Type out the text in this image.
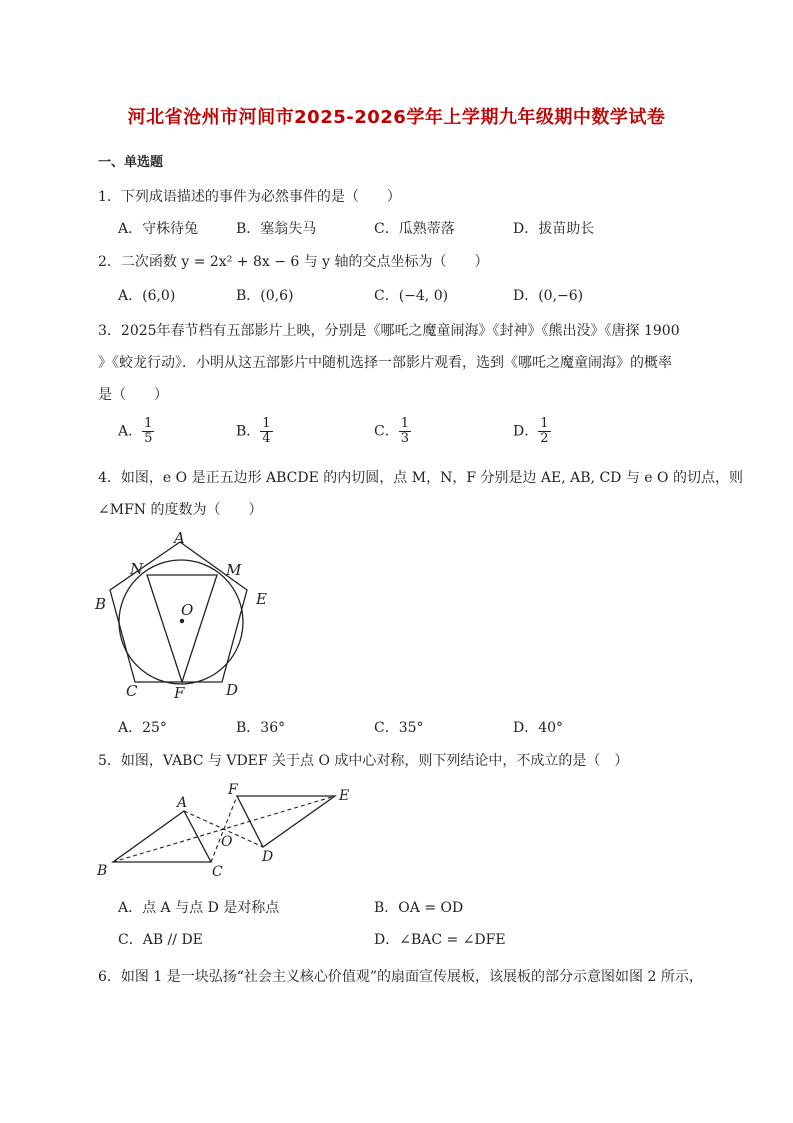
河北省沧州市河间市2025-2026学年上学期九年级期中数学试卷
一、单选题
1．下列成语描述的事件为必然事件的是（　　）
A．守株待兔	B．塞翁失马	C．瓜熟蒂落	D．拔苗助长
2．二次函数 y = 2x² + 8x − 6 与 y 轴的交点坐标为（　　）
A．(6,0)	B．(0,6)	C．(−4, 0)	D．(0,−6)
3．2025年春节档有五部影片上映，分别是《哪吒之魔童闹海》《封神》《熊出没》《唐探 1900
》《蛟龙行动》．小明从这五部影片中随机选择一部影片观看，选到《哪吒之魔童闹海》的概率
是（　　）
A． $\frac{1}{5}$	B． $\frac{1}{4}$	C． $\frac{1}{3}$	D． $\frac{1}{2}$
4．如图，e O 是正五边形 ABCDE 的内切圆，点 M，N，F 分别是边 AE, AB, CD 与 e O 的切点，则
∠MFN 的度数为（　　）
A
N	M
B	E
O
C F	D
A．25°	B．36°	C．35°	D．40°
5．如图，VABC 与 VDEF 关于点 O 成中心对称，则下列结论中，不成立的是（　）
A
F	E
O
D
B	C
A．点 A 与点 D 是对称点	B．OA = OD
C．AB // DE	D．∠BAC = ∠DFE
6．如图 1 是一块弘扬“社会主义核心价值观”的扇面宣传展板，该展板的部分示意图如图 2 所示，
